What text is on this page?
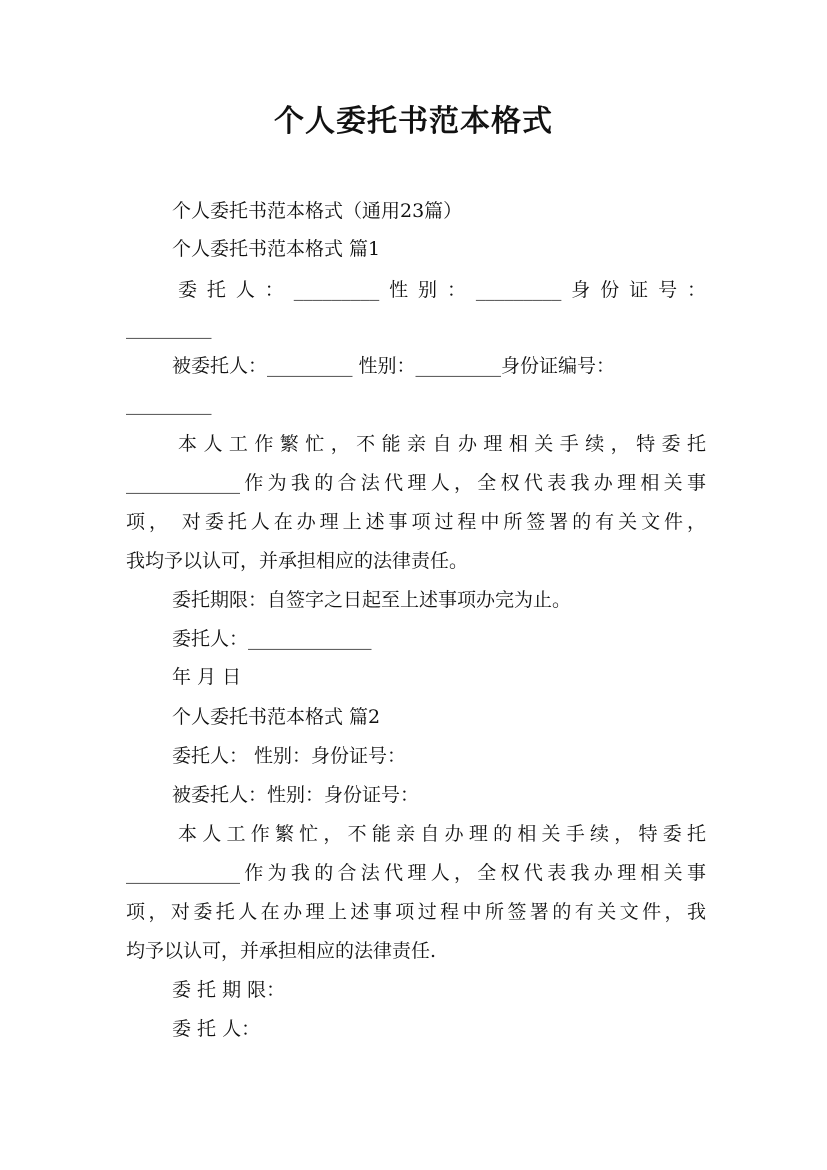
个人委托书范本格式
个人委托书范本格式（通用23篇）
个人委托书范本格式 篇1
委托人：_________性别：_________身份证号：
_________
被委托人：_________ 性别：_________身份证编号：
_________
本人工作繁忙，不能亲自办理相关手续，特委托
____________作为我的合法代理人，全权代表我办理相关事
项， 对委托人在办理上述事项过程中所签署的有关文件，
我均予以认可，并承担相应的法律责任。
委托期限：自签字之日起至上述事项办完为止。
委托人：_____________
年 月 日
个人委托书范本格式 篇2
委托人： 性别：身份证号：
被委托人：性别：身份证号：
本人工作繁忙，不能亲自办理的相关手续，特委托
____________作为我的合法代理人，全权代表我办理相关事
项，对委托人在办理上述事项过程中所签署的有关文件，我
均予以认可，并承担相应的法律责任.
委 托 期 限：
委 托 人：
